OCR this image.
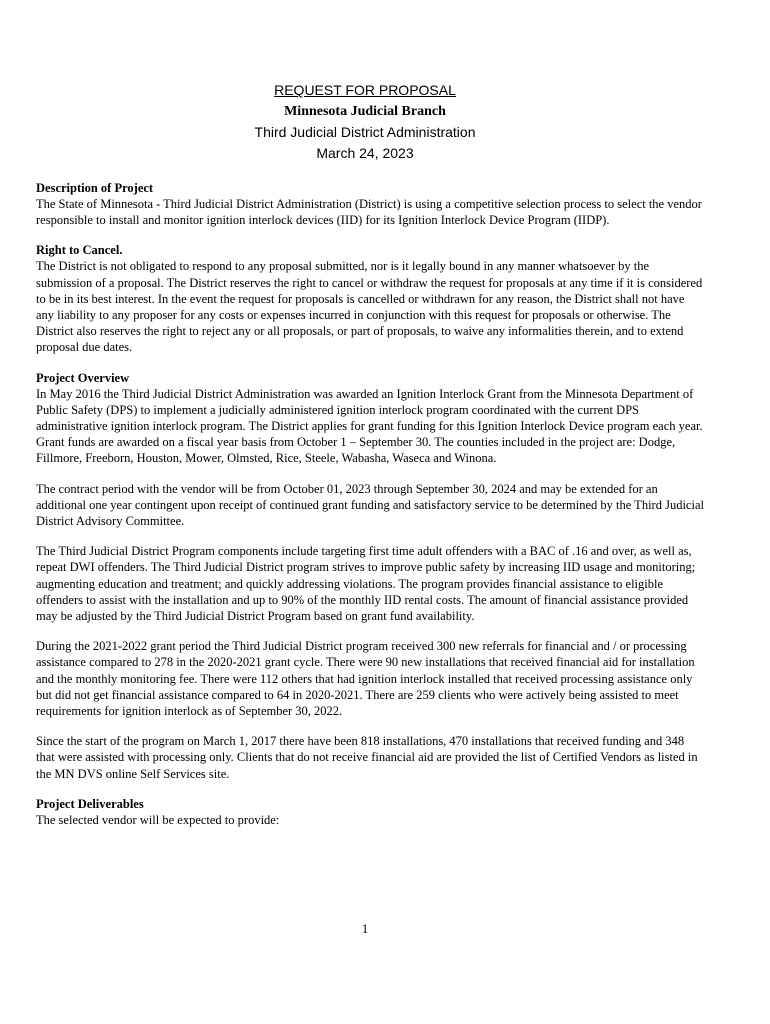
REQUEST FOR PROPOSAL
Minnesota Judicial Branch
Third Judicial District Administration
March 24, 2023
Description of Project

The State of Minnesota - Third Judicial District Administration (District) is using a competitive selection process to select the vendor responsible to install and monitor ignition interlock devices (IID) for its Ignition Interlock Device Program (IIDP).

Right to Cancel.

The District is not obligated to respond to any proposal submitted, nor is it legally bound in any manner whatsoever by the submission of a proposal. The District reserves the right to cancel or withdraw the request for proposals at any time if it is considered to be in its best interest. In the event the request for proposals is cancelled or withdrawn for any reason, the District shall not have any liability to any proposer for any costs or expenses incurred in conjunction with this request for proposals or otherwise. The District also reserves the right to reject any or all proposals, or part of proposals, to waive any informalities therein, and to extend proposal due dates.

Project Overview

In May 2016 the Third Judicial District Administration was awarded an Ignition Interlock Grant from the Minnesota Department of Public Safety (DPS) to implement a judicially administered ignition interlock program coordinated with the current DPS administrative ignition interlock program. The District applies for grant funding for this Ignition Interlock Device program each year. Grant funds are awarded on a fiscal year basis from October 1 – September 30. The counties included in the project are: Dodge, Fillmore, Freeborn, Houston, Mower, Olmsted, Rice, Steele, Wabasha, Waseca and Winona.

The contract period with the vendor will be from October 01, 2023 through September 30, 2024 and may be extended for an additional one year contingent upon receipt of continued grant funding and satisfactory service to be determined by the Third Judicial District Advisory Committee.

The Third Judicial District Program components include targeting first time adult offenders with a BAC of .16 and over, as well as, repeat DWI offenders. The Third Judicial District program strives to improve public safety by increasing IID usage and monitoring; augmenting education and treatment; and quickly addressing violations. The program provides financial assistance to eligible offenders to assist with the installation and up to 90% of the monthly IID rental costs. The amount of financial assistance provided may be adjusted by the Third Judicial District Program based on grant fund availability.

During the 2021-2022 grant period the Third Judicial District program received 300 new referrals for financial and / or processing assistance compared to 278 in the 2020-2021 grant cycle. There were 90 new installations that received financial aid for installation and the monthly monitoring fee. There were 112 others that had ignition interlock installed that received processing assistance only but did not get financial assistance compared to 64 in 2020-2021. There are 259 clients who were actively being assisted to meet requirements for ignition interlock as of September 30, 2022.

Since the start of the program on March 1, 2017 there have been 818 installations, 470 installations that received funding and 348 that were assisted with processing only. Clients that do not receive financial aid are provided the list of Certified Vendors as listed in the MN DVS online Self Services site.

Project Deliverables

The selected vendor will be expected to provide:

1
